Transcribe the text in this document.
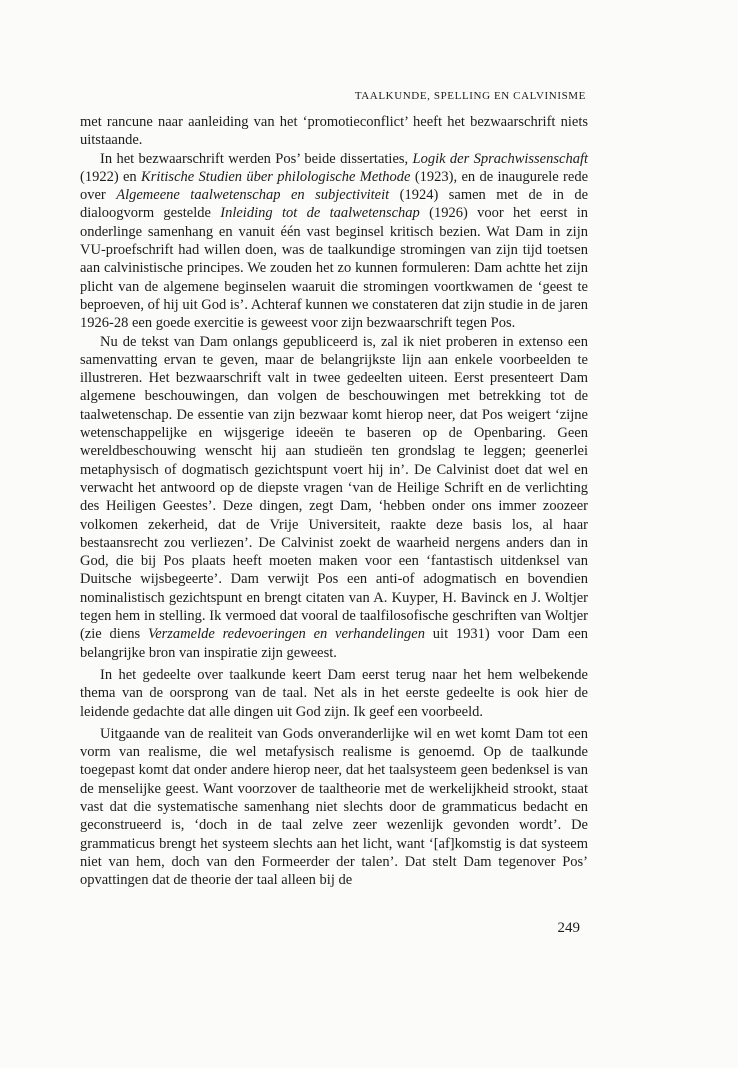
TAALKUNDE, SPELLING EN CALVINISME

met rancune naar aanleiding van het ‘promotieconflict’ heeft het bezwaarschrift niets uitstaande.

In het bezwaarschrift werden Pos’ beide dissertaties, Logik der Sprachwissenschaft (1922) en Kritische Studien über philologische Methode (1923), en de inaugurele rede over Algemeene taalwetenschap en subjectiviteit (1924) samen met de in de dialoogvorm gestelde Inleiding tot de taalwetenschap (1926) voor het eerst in onderlinge samenhang en vanuit één vast beginsel kritisch bezien. Wat Dam in zijn VU-proefschrift had willen doen, was de taalkundige stromingen van zijn tijd toetsen aan calvinistische principes. We zouden het zo kunnen formuleren: Dam achtte het zijn plicht van de algemene beginselen waaruit die stromingen voortkwamen de ‘geest te beproeven, of hij uit God is’. Achteraf kunnen we constateren dat zijn studie in de jaren 1926-28 een goede exercitie is geweest voor zijn bezwaarschrift tegen Pos.

Nu de tekst van Dam onlangs gepubliceerd is, zal ik niet proberen in extenso een samenvatting ervan te geven, maar de belangrijkste lijn aan enkele voorbeelden te illustreren. Het bezwaarschrift valt in twee gedeelten uiteen. Eerst presenteert Dam algemene beschouwingen, dan volgen de beschouwingen met betrekking tot de taalwetenschap. De essentie van zijn bezwaar komt hierop neer, dat Pos weigert ‘zijne wetenschappelijke en wijsgerige ideeën te baseren op de Openbaring. Geen wereldbeschouwing wenscht hij aan studieën ten grondslag te leggen; geenerlei metaphysisch of dogmatisch gezichtspunt voert hij in’. De Calvinist doet dat wel en verwacht het antwoord op de diepste vragen ‘van de Heilige Schrift en de verlichting des Heiligen Geestes’. Deze dingen, zegt Dam, ‘hebben onder ons immer zoozeer volkomen zekerheid, dat de Vrije Universiteit, raakte deze basis los, al haar bestaansrecht zou verliezen’. De Calvinist zoekt de waarheid nergens anders dan in God, die bij Pos plaats heeft moeten maken voor een ‘fantastisch uitdenksel van Duitsche wijsbegeerte’. Dam verwijt Pos een anti-of adogmatisch en bovendien nominalistisch gezichtspunt en brengt citaten van A. Kuyper, H. Bavinck en J. Woltjer tegen hem in stelling. Ik vermoed dat vooral de taalfilosofische geschriften van Woltjer (zie diens Verzamelde redevoeringen en verhandelingen uit 1931) voor Dam een belangrijke bron van inspiratie zijn geweest.

In het gedeelte over taalkunde keert Dam eerst terug naar het hem welbekende thema van de oorsprong van de taal. Net als in het eerste gedeelte is ook hier de leidende gedachte dat alle dingen uit God zijn. Ik geef een voorbeeld.

Uitgaande van de realiteit van Gods onveranderlijke wil en wet komt Dam tot een vorm van realisme, die wel metafysisch realisme is genoemd. Op de taalkunde toegepast komt dat onder andere hierop neer, dat het taalsysteem geen bedenksel is van de menselijke geest. Want voorzover de taaltheorie met de werkelijkheid strookt, staat vast dat die systematische samenhang niet slechts door de grammaticus bedacht en geconstrueerd is, ‘doch in de taal zelve zeer wezenlijk gevonden wordt’. De grammaticus brengt het systeem slechts aan het licht, want ‘[af]komstig is dat systeem niet van hem, doch van den Formeerder der talen’. Dat stelt Dam tegenover Pos’ opvattingen dat de theorie der taal alleen bij de

249
